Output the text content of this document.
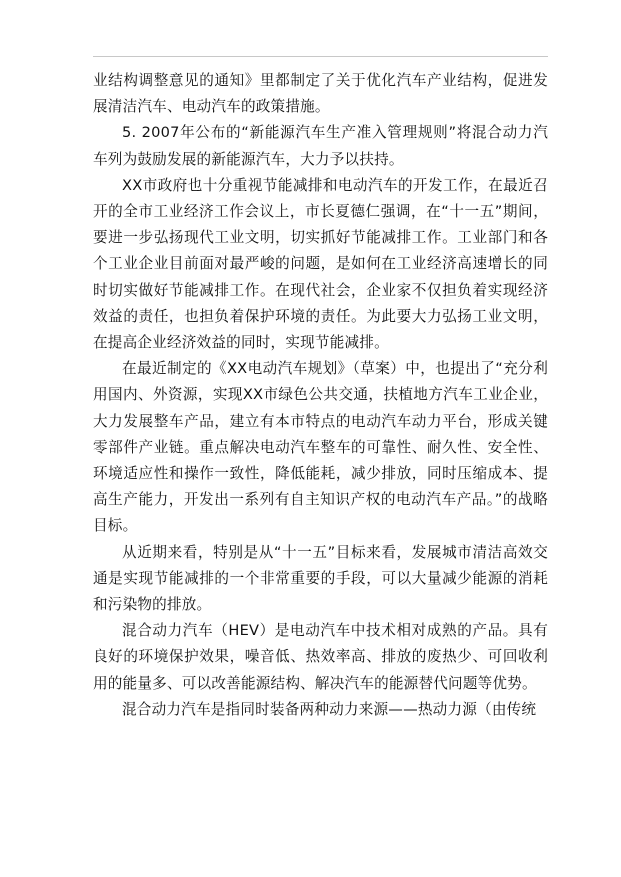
业结构调整意见的通知》里都制定了关于优化汽车产业结构，促进发展清洁汽车、电动汽车的政策措施。

5. 2007年公布的“新能源汽车生产准入管理规则”将混合动力汽车列为鼓励发展的新能源汽车，大力予以扶持。

XX市政府也十分重视节能减排和电动汽车的开发工作，在最近召开的全市工业经济工作会议上，市长夏德仁强调，在“十一五”期间，要进一步弘扬现代工业文明，切实抓好节能减排工作。工业部门和各个工业企业目前面对最严峻的问题，是如何在工业经济高速增长的同时切实做好节能减排工作。在现代社会，企业家不仅担负着实现经济效益的责任，也担负着保护环境的责任。为此要大力弘扬工业文明，在提高企业经济效益的同时，实现节能减排。

在最近制定的《XX电动汽车规划》（草案）中，也提出了“充分利用国内、外资源，实现XX市绿色公共交通，扶植地方汽车工业企业，大力发展整车产品，建立有本市特点的电动汽车动力平台，形成关键零部件产业链。重点解决电动汽车整车的可靠性、耐久性、安全性、环境适应性和操作一致性，降低能耗，减少排放，同时压缩成本、提高生产能力，开发出一系列有自主知识产权的电动汽车产品。”的战略目标。

从近期来看，特别是从“十一五”目标来看，发展城市清洁高效交通是实现节能减排的一个非常重要的手段，可以大量减少能源的消耗和污染物的排放。

混合动力汽车（HEV）是电动汽车中技术相对成熟的产品。具有良好的环境保护效果，噪音低、热效率高、排放的废热少、可回收利用的能量多、可以改善能源结构、解决汽车的能源替代问题等优势。

混合动力汽车是指同时装备两种动力来源——热动力源（由传统
